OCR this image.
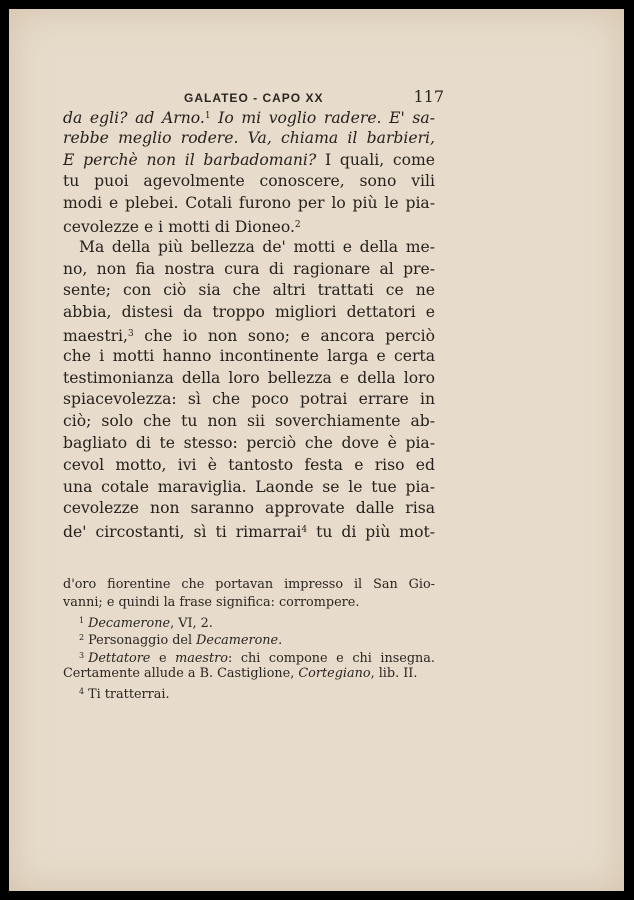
GALATEO - CAPO XX	117
da egli? ad Arno.$^1$ Io mi voglio radere. E' sa-
rebbe meglio rodere. Va, chiama il barbieri,
E perchè non il barbadomani? I quali, come
tu puoi agevolmente conoscere, sono vili
modi e plebei. Cotali furono per lo più le pia-
cevolezze e i motti di Dioneo.$^2$
Ma della più bellezza de' motti e della me-
no, non fia nostra cura di ragionare al pre-
sente; con ciò sia che altri trattati ce ne
abbia, distesi da troppo migliori dettatori e
maestri,$^3$ che io non sono; e ancora perciò
che i motti hanno incontinente larga e certa
testimonianza della loro bellezza e della loro
spiacevolezza: sì che poco potrai errare in
ciò; solo che tu non sii soverchiamente ab-
bagliato di te stesso: perciò che dove è pia-
cevol motto, ivi è tantosto festa e riso ed
una cotale maraviglia. Laonde se le tue pia-
cevolezze non saranno approvate dalle risa
de' circostanti, sì ti rimarrai$^4$ tu di più mot-
d'oro fiorentine che portavan impresso il San Gio-
vanni; e quindi la frase significa: corrompere.
$^1$ Decamerone, VI, 2.
$^2$ Personaggio del Decamerone.
$^3$ Dettatore e maestro: chi compone e chi insegna.
Certamente allude a B. Castiglione, Cortegiano, lib. II.
$^4$ Ti tratterrai.
